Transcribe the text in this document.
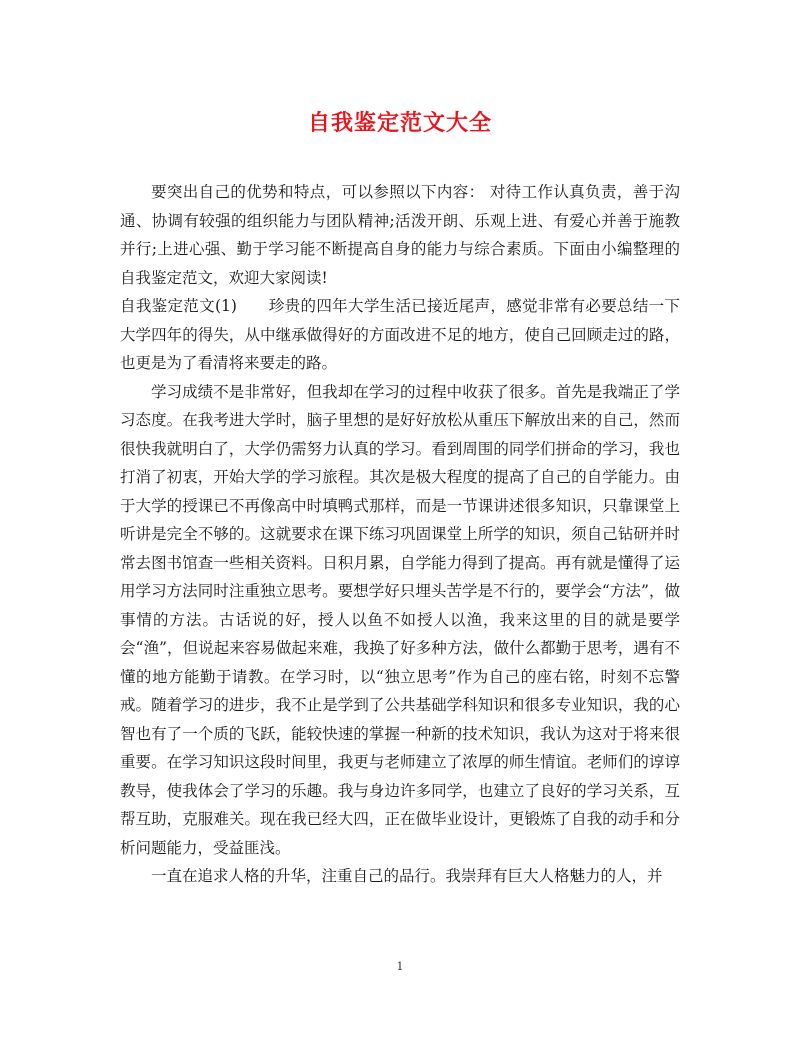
自我鉴定范文大全

要突出自己的优势和特点，可以参照以下内容： 对待工作认真负责，善于沟通、协调有较强的组织能力与团队精神;活泼开朗、乐观上进、有爱心并善于施教并行;上进心强、勤于学习能不断提高自身的能力与综合素质。下面由小编整理的自我鉴定范文，欢迎大家阅读!

自我鉴定范文(1)　　珍贵的四年大学生活已接近尾声，感觉非常有必要总结一下大学四年的得失，从中继承做得好的方面改进不足的地方，使自己回顾走过的路，也更是为了看清将来要走的路。

学习成绩不是非常好，但我却在学习的过程中收获了很多。首先是我端正了学习态度。在我考进大学时，脑子里想的是好好放松从重压下解放出来的自己，然而很快我就明白了，大学仍需努力认真的学习。看到周围的同学们拼命的学习，我也打消了初衷，开始大学的学习旅程。其次是极大程度的提高了自己的自学能力。由于大学的授课已不再像高中时填鸭式那样，而是一节课讲述很多知识，只靠课堂上听讲是完全不够的。这就要求在课下练习巩固课堂上所学的知识，须自己钻研并时常去图书馆查一些相关资料。日积月累，自学能力得到了提高。再有就是懂得了运用学习方法同时注重独立思考。要想学好只埋头苦学是不行的，要学会“方法”，做事情的方法。古话说的好，授人以鱼不如授人以渔，我来这里的目的就是要学会“渔”，但说起来容易做起来难，我换了好多种方法，做什么都勤于思考，遇有不懂的地方能勤于请教。在学习时，以“独立思考”作为自己的座右铭，时刻不忘警戒。随着学习的进步，我不止是学到了公共基础学科知识和很多专业知识，我的心智也有了一个质的飞跃，能较快速的掌握一种新的技术知识，我认为这对于将来很重要。在学习知识这段时间里，我更与老师建立了浓厚的师生情谊。老师们的谆谆教导，使我体会了学习的乐趣。我与身边许多同学，也建立了良好的学习关系，互帮互助，克服难关。现在我已经大四，正在做毕业设计，更锻炼了自我的动手和分析问题能力，受益匪浅。

一直在追求人格的升华，注重自己的品行。我崇拜有巨大人格魅力的人，并

1
